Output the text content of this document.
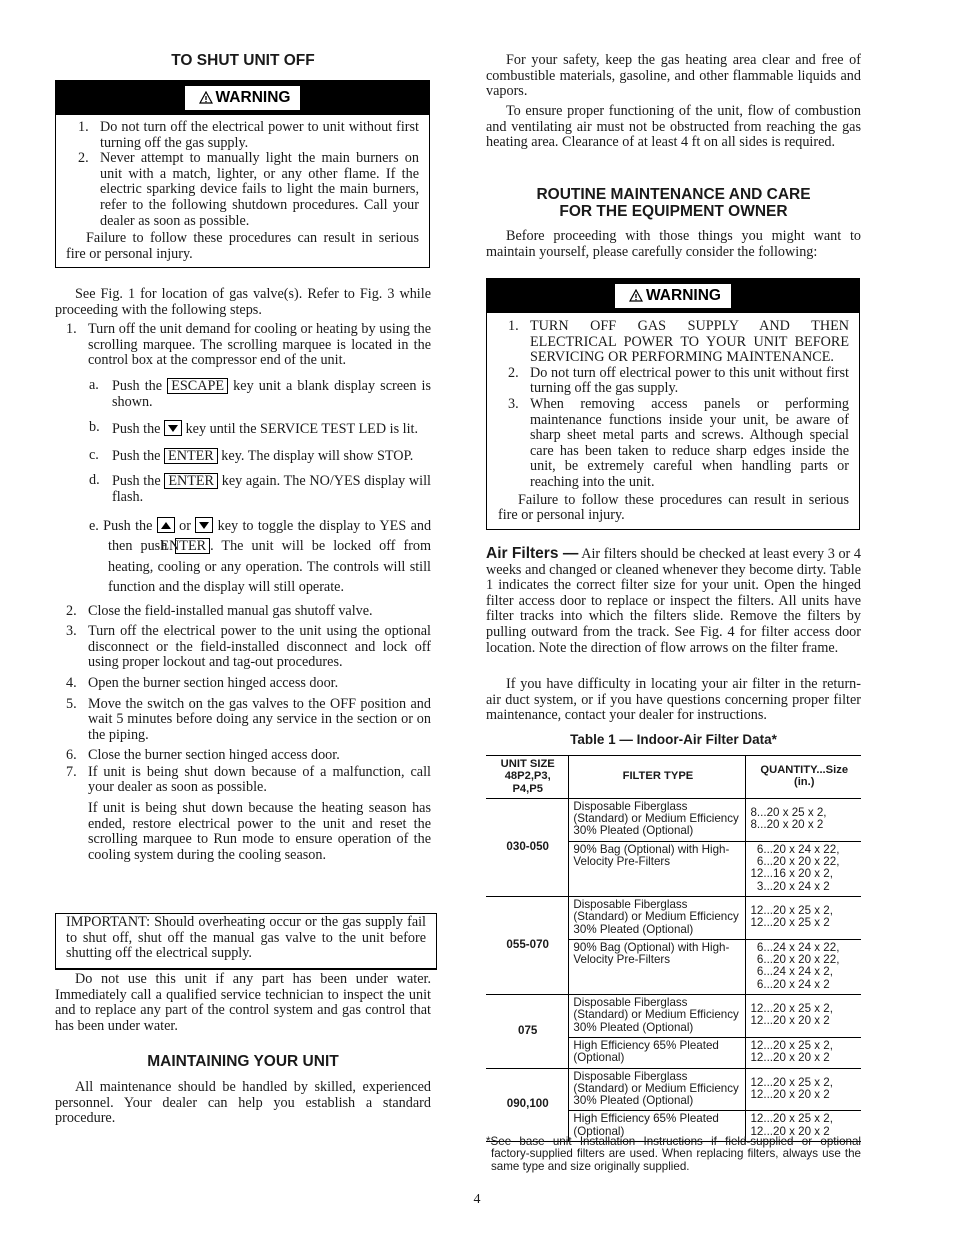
TO SHUT UNIT OFF
WARNING
1. Do not turn off the electrical power to unit without first turning off the gas supply.
2. Never attempt to manually light the main burners on unit with a match, lighter, or any other flame. If the electric sparking device fails to light the main burners, refer to the following shutdown procedures. Call your dealer as soon as possible.

Failure to follow these procedures can result in serious fire or personal injury.

See Fig. 1 for location of gas valve(s). Refer to Fig. 3 while proceeding with the following steps.

1. Turn off the unit demand for cooling or heating by using the scrolling marquee. The scrolling marquee is located in the control box at the compressor end of the unit.
a. Push the ESCAPE key unit a blank display screen is shown.
b. Push the key until the SERVICE TEST LED is lit.
c. Push the ENTER key. The display will show STOP.
d. Push the ENTER key again. The NO/YES display will flash.

e. Push the or key to toggle the display to YES and then push ENTER . The unit will be locked off from heating, cooling or any operation. The controls will still function and the display will still operate.

2. Close the field-installed manual gas shutoff valve.
3. Turn off the electrical power to the unit using the optional disconnect or the field-installed disconnect and lock off using proper lockout and tag-out procedures.
4. Open the burner section hinged access door.
5. Move the switch on the gas valves to the OFF position and wait 5 minutes before doing any service in the section or on the piping.
6. Close the burner section hinged access door.
7. If unit is being shut down because of a malfunction, call your dealer as soon as possible.

If unit is being shut down because the heating season has ended, restore electrical power to the unit and reset the scrolling marquee to Run mode to ensure operation of the cooling system during the cooling season.

IMPORTANT: Should overheating occur or the gas supply fail to shut off, shut off the manual gas valve to the unit before shutting off the electrical supply.

Do not use this unit if any part has been under water. Immediately call a qualified service technician to inspect the unit and to replace any part of the control system and gas control that has been under water.

MAINTAINING YOUR UNIT

All maintenance should be handled by skilled, experienced personnel. Your dealer can help you establish a standard procedure.

For your safety, keep the gas heating area clear and free of combustible materials, gasoline, and other flammable liquids and vapors.

To ensure proper functioning of the unit, flow of combustion and ventilating air must not be obstructed from reaching the gas heating area. Clearance of at least 4 ft on all sides is required.

ROUTINE MAINTENANCE AND CARE
FOR THE EQUIPMENT OWNER

Before proceeding with those things you might want to maintain yourself, please carefully consider the following:

WARNING
1. TURN OFF GAS SUPPLY AND THEN ELECTRICAL POWER TO YOUR UNIT BEFORE SERVICING OR PERFORMING MAINTENANCE.
2. Do not turn off electrical power to this unit without first turning off the gas supply.
3. When removing access panels or performing maintenance functions inside your unit, be aware of sharp sheet metal parts and screws. Although special care has been taken to reduce sharp edges inside the unit, be extremely careful when handling parts or reaching into the unit.

Failure to follow these procedures can result in serious fire or personal injury.

Air Filters — Air filters should be checked at least every 3 or 4 weeks and changed or cleaned whenever they become dirty. Table 1 indicates the correct filter size for your unit. Open the hinged filter access door to replace or inspect the filters. All units have filter tracks into which the filters slide. Remove the filters by pulling outward from the track. See Fig. 4 for filter access door location. Note the direction of flow arrows on the filter frame.

If you have difficulty in locating your air filter in the return-air duct system, or if you have questions concerning proper filter maintenance, contact your dealer for instructions.

Table 1 — Indoor-Air Filter Data*
UNIT SIZE
48P2,P3,
P4,P5	FILTER TYPE	QUANTITY...Size
(in.)
030-050	Disposable Fiberglass (Standard) or Medium Efficiency 30% Pleated (Optional)	8...20 x 25 x 2,
8...20 x 20 x 2
	90% Bag (Optional) with High-Velocity Pre-Filters	6...20 x 24 x 22,
6...20 x 20 x 22,
12...16 x 20 x 2,
3...20 x 24 x 2
055-070	Disposable Fiberglass (Standard) or Medium Efficiency 30% Pleated (Optional)	12...20 x 25 x 2,
12...20 x 25 x 2
	90% Bag (Optional) with High-Velocity Pre-Filters	6...24 x 24 x 22,
6...20 x 20 x 22,
6...24 x 24 x 2,
6...20 x 24 x 2
075	Disposable Fiberglass (Standard) or Medium Efficiency 30% Pleated (Optional)	12...20 x 25 x 2,
12...20 x 20 x 2
	High Efficiency 65% Pleated (Optional)	12...20 x 25 x 2,
12...20 x 20 x 2
090,100	Disposable Fiberglass (Standard) or Medium Efficiency 30% Pleated (Optional)	12...20 x 25 x 2,
12...20 x 20 x 2
	High Efficiency 65% Pleated (Optional)	12...20 x 25 x 2,
12...20 x 20 x 2

*See base unit Installation Instructions if field-supplied or optional factory-supplied filters are used. When replacing filters, always use the same type and size originally supplied.

4
